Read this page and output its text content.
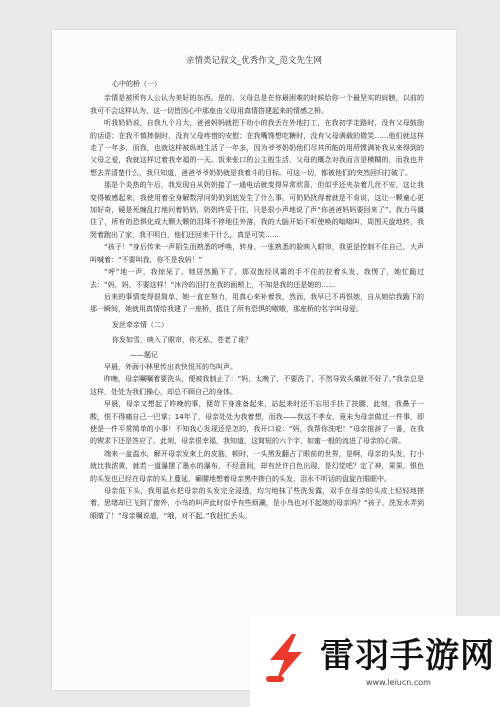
亲情类记叙文_优秀作文_范文先生网

心中的桥（一）

亲情是被所有人公认为美好的东西。是的，父母总是在你最困难的时候给你一个最坚实的肩膀，以前的我可不会这样认为，这一切皆因心中那座由父母用真情搭建起来的情感之桥。

听我奶奶说，自我九个月大，爸爸妈妈就把下幼小的我丢在外地打工，在我初学走路时，没有父母鼓励的话语；在我不慎摔倒时，没有父母疼惜的安慰；在我嘴馋想吃糖时，没有父母满载的微笑……他们就这样走了一年多，而我，也就这样被纵地生活了一年多，因为爷爷奶奶他们尽其所能的用所惯满补我从来得到的父母之爱，我就这样过着我幸福的一天。饭来张口的公主般生活，父母的概念对我而言是模糊的，而我也并想去弄清楚什么，我只知道，爸爸爷爷奶奶就是我着斗的目标。可这一切，都被他们的突然回归打破了。

那是个炎热的午后，我发现自从奶奶接了一通电话就变得异常欣喜，但似乎还夹杂着几丝不安，这让我变得敏感起来，我使用着全身解数浮问奶奶到底发生了什么事，可奶奶扰得着就是不肯说，这让一颗童心更加好奇，硬是死缠乱打地问着奶奶，奶奶终妥于住，只是很小声地说了声“你爸爸妈妈要回来了”。我力马僵住了，所有的恐惧化成大颗大颗的泪珠不停地往外落，我的大脑开始不听使唤的嗡嗡叫，周围天旋地转，我哭着跑出了家，我不明白，他们还回来干什么。真是可笑……

“孩子！”身后传来一声陌生而熟悉的呼唤，转身，一张熟悉的脸映入眼帘，我更是控制不住自己，大声叫喊着：“不要叫我，你不是我妈！”

“呼”地一声，我惊呆了。她居然跪下了，那双饱经风霜的手不住的拉着头发，我愣了，她忙跪过去：“妈，妈，不要这样！”沐冷的泪打在我的面颊上，不知是我的还是她的……

后来的事情变得很简单，她一直在努力，用真心来补着我，然而，我早已不再恨她，自从她给我跪下的那一瞬间，她就用真情给我建了一座桥，抵住了所有恐惧的嗷嗷，那座桥的名字叫母爱。

发丝牵亲情（二）

你发如雪，映入了眼帘，你无私，苍老了谁？

——题记

早晨，外面小林里传出欢快悦耳的鸟叫声。

昨晚，母亲嘱嘱着要洗头，便被我制止了：“妈，太晚了，不要洗了，不然导致头痛就不好了。”我亲总是这样，处处为我们操心，却总不顾自己的身体。

早晨，母亲又想起了昨晚的事，便苛下身准备起来，站起来时还不忘用手扶了扶腰，此刻，我鼻子一酸，恨不得痛自己一巴掌；14年了，母亲处处为我着想，而我——我这不孝女，竟未为母亲做过一件事，即使是一件平常简单的小事！不知我心发现还是怎的，我开口说：“妈，我帮你洗吧！”母亲推辞了一番，在我的锲求下还是答应了。此刻，母亲很幸福，我知道，这简短的六个字，如蜜一般的流进了母亲的心窝。

端来一盆温水，解开母亲发束上的皮筋，顿时，一头黑发翻占了眼前的世界，是啊，母亲的头发，打小就比我浓黄，就若一道瀑摆了墨水的瀑布，不经意间，却有丝许白色出现，是幻觉吧？定了神，果果，银色的头发也已经在母亲的头上蔓延，癞腰地想着母亲黑中掺白的头发，泪水不听话的盘旋在眼眶中。

母亲低下头，我用温水把母亲的头发完全浸透，均匀地抹了些洗发露，双手在母亲的头皮上轻轻地搓着，思绪却已飞到了窗外，小鸟的叫声此时似乎有些烦涮，是小鸟也对不起她的母亲吗？“孩子，洗发水弄到眼睛了！”母亲嘱说道，“哦，对不起。”我赶忙丢头。

雷羽手游网
www.leiucn.com
